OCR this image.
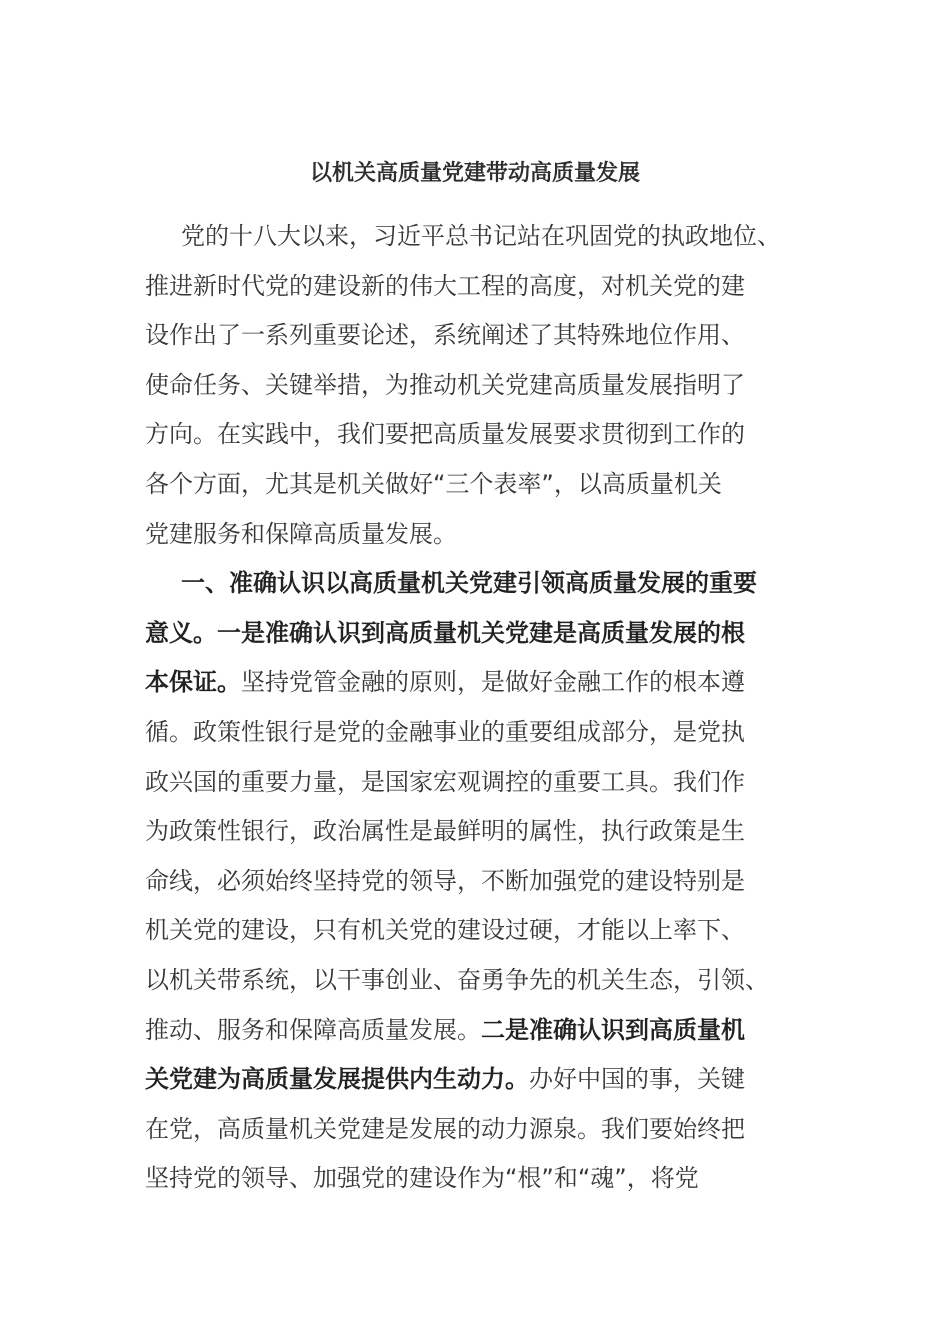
以机关高质量党建带动高质量发展
党的十八大以来，习近平总书记站在巩固党的执政地位、
推进新时代党的建设新的伟大工程的高度，对机关党的建
设作出了一系列重要论述，系统阐述了其特殊地位作用、
使命任务、关键举措，为推动机关党建高质量发展指明了
方向。在实践中，我们要把高质量发展要求贯彻到工作的
各个方面，尤其是机关做好“三个表率”，以高质量机关
党建服务和保障高质量发展。
一、准确认识以高质量机关党建引领高质量发展的重要
意义。一是准确认识到高质量机关党建是高质量发展的根
本保证。坚持党管金融的原则，是做好金融工作的根本遵
循。政策性银行是党的金融事业的重要组成部分，是党执
政兴国的重要力量，是国家宏观调控的重要工具。我们作
为政策性银行，政治属性是最鲜明的属性，执行政策是生
命线，必须始终坚持党的领导，不断加强党的建设特别是
机关党的建设，只有机关党的建设过硬，才能以上率下、
以机关带系统，以干事创业、奋勇争先的机关生态，引领、
推动、服务和保障高质量发展。二是准确认识到高质量机
关党建为高质量发展提供内生动力。办好中国的事，关键
在党，高质量机关党建是发展的动力源泉。我们要始终把
坚持党的领导、加强党的建设作为“根”和“魂”，将党
